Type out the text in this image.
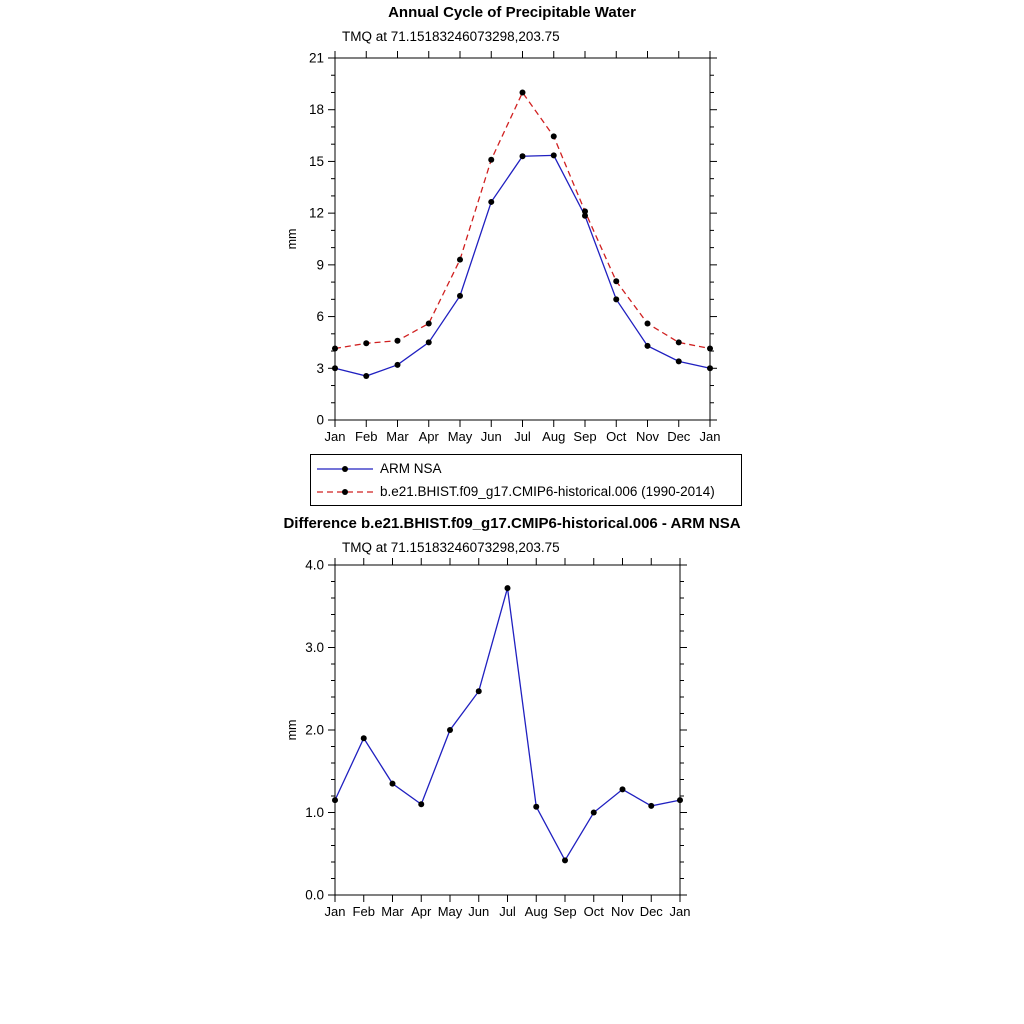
Annual Cycle of Precipitable Water
TMQ at 71.15183246073298,203.75
0
3
6
9
12
15
18
21
Jan Feb Mar Apr May Jun Jul Aug Sep Oct Nov Dec Jan
mm
ARM NSA
b.e21.BHIST.f09_g17.CMIP6-historical.006 (1990-2014)
Difference b.e21.BHIST.f09_g17.CMIP6-historical.006 - ARM NSA
TMQ at 71.15183246073298,203.75
0.0
1.0
2.0
3.0
4.0
Jan Feb Mar Apr May Jun Jul Aug Sep Oct Nov Dec Jan
mm
